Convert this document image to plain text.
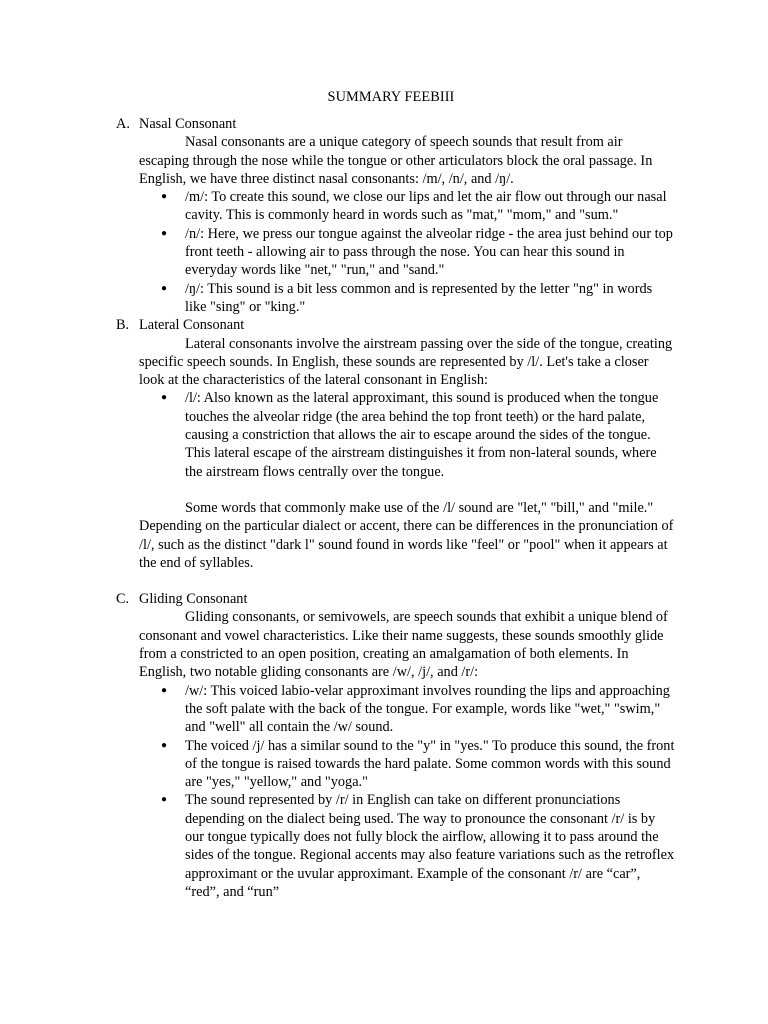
SUMMARY FEEBIII
A. Nasal Consonant

Nasal consonants are a unique category of speech sounds that result from air escaping through the nose while the tongue or other articulators block the oral passage. In English, we have three distinct nasal consonants: /m/, /n/, and /ŋ/.

● /m/: To create this sound, we close our lips and let the air flow out through our nasal cavity. This is commonly heard in words such as "mat," "mom," and "sum."
● /n/: Here, we press our tongue against the alveolar ridge - the area just behind our top front teeth - allowing air to pass through the nose. You can hear this sound in everyday words like "net," "run," and "sand."
● /ŋ/: This sound is a bit less common and is represented by the letter "ng" in words like "sing" or "king."
B. Lateral Consonant

Lateral consonants involve the airstream passing over the side of the tongue, creating specific speech sounds. In English, these sounds are represented by /l/. Let's take a closer look at the characteristics of the lateral consonant in English:

● /l/: Also known as the lateral approximant, this sound is produced when the tongue touches the alveolar ridge (the area behind the top front teeth) or the hard palate, causing a constriction that allows the air to escape around the sides of the tongue. This lateral escape of the airstream distinguishes it from non-lateral sounds, where the airstream flows centrally over the tongue.

Some words that commonly make use of the /l/ sound are "let," "bill," and "mile." Depending on the particular dialect or accent, there can be differences in the pronunciation of /l/, such as the distinct "dark l" sound found in words like "feel" or "pool" when it appears at the end of syllables.

C. Gliding Consonant

Gliding consonants, or semivowels, are speech sounds that exhibit a unique blend of consonant and vowel characteristics. Like their name suggests, these sounds smoothly glide from a constricted to an open position, creating an amalgamation of both elements. In English, two notable gliding consonants are /w/, /j/, and /r/:

● /w/: This voiced labio-velar approximant involves rounding the lips and approaching the soft palate with the back of the tongue. For example, words like "wet," "swim," and "well" all contain the /w/ sound.
● The voiced /j/ has a similar sound to the "y" in "yes." To produce this sound, the front of the tongue is raised towards the hard palate. Some common words with this sound are "yes," "yellow," and "yoga."
● The sound represented by /r/ in English can take on different pronunciations depending on the dialect being used. The way to pronounce the consonant /r/ is by our tongue typically does not fully block the airflow, allowing it to pass around the sides of the tongue. Regional accents may also feature variations such as the retroflex approximant or the uvular approximant. Example of the consonant /r/ are “car”, “red”, and “run”
